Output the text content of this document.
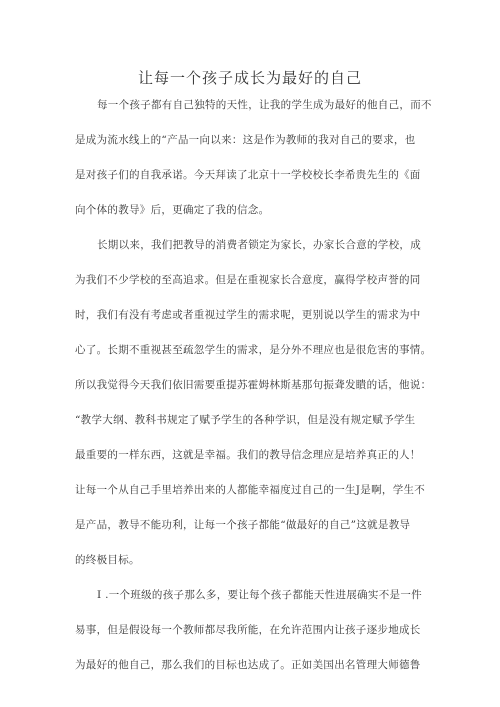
让每一个孩子成长为最好的自己
每一个孩子都有自己独特的天性，让我的学生成为最好的他自己，而不
是成为流水线上的“产品一向以来：这是作为教师的我对自己的要求，也
是对孩子们的自我承诺。今天拜读了北京十一学校校长李希贵先生的《面
向个体的教导》后，更确定了我的信念。
长期以来，我们把教导的消费者锁定为家长，办家长合意的学校，成
为我们不少学校的至高追求。但是在重视家长合意度，赢得学校声誉的同
时，我们有没有考虑或者重视过学生的需求呢，更别说以学生的需求为中
心了。长期不重视甚至疏忽学生的需求，是分外不理应也是很危害的事情。
所以我觉得今天我们依旧需要重提苏霍姆林斯基那句振聋发瞶的话，他说：
“教学大纲、教科书规定了赋予学生的各种学识，但是没有规定赋予学生
最重要的一样东西，这就是幸福。我们的教导信念理应是培养真正的人！
让每一个从自己手里培养出来的人都能幸福度过自己的一生J是啊，学生不
是产品，教导不能功利，让每一个孩子都能“做最好的自己”这就是教导
的终极目标。
I .一个班级的孩子那么多，要让每个孩子都能天性进展确实不是一件
易事，但是假设每一个教师都尽我所能，在允许范围内让孩子逐步地成长
为最好的他自己，那么我们的目标也达成了。正如美国出名管理大师德鲁
